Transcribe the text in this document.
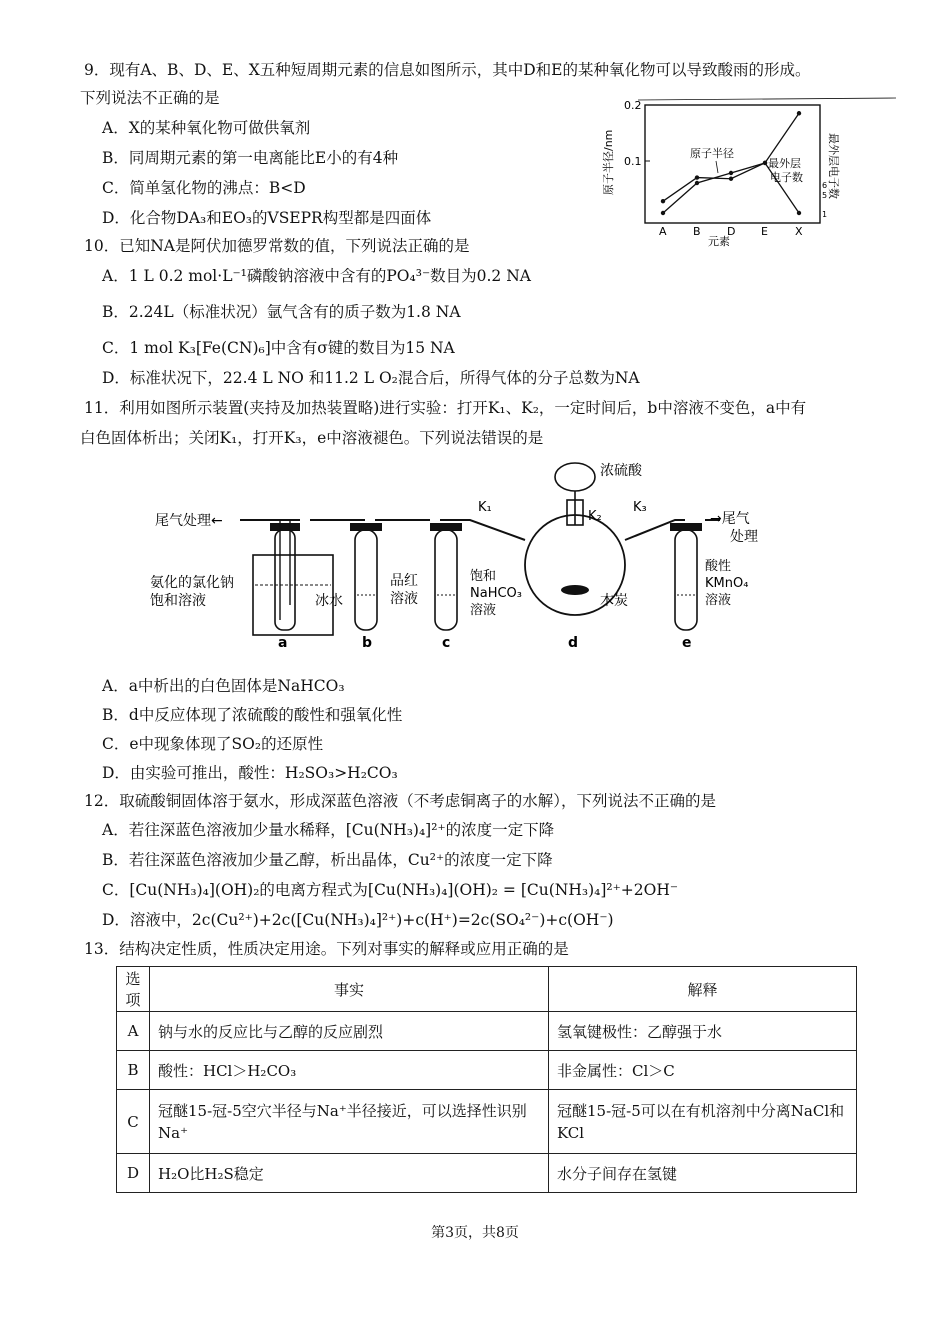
9．现有A、B、D、E、X五种短周期元素的信息如图所示，其中D和E的某种氧化物可以导致酸雨的形成。
下列说法不正确的是
A．X的某种氧化物可做供氧剂
B．同周期元素的第一电离能比E小的有4种
C．简单氢化物的沸点：B<D
D．化合物DA₃和EO₃的VSEPR构型都是四面体
0.2
0.1
原子半径/nm	最外层电子数
6
5
1
A B D E X
原子半径
最外层
电子数
元素
10．已知NA是阿伏加德罗常数的值，下列说法正确的是
A．1 L 0.2 mol·L⁻¹磷酸钠溶液中含有的PO₄³⁻数目为0.2 NA
B．2.24L（标准状况）氩气含有的质子数为1.8 NA
C．1 mol K₃[Fe(CN)₆]中含有σ键的数目为15 NA
D．标准状况下，22.4 L NO 和11.2 L O₂混合后，所得气体的分子总数为NA
11．利用如图所示装置(夹持及加热装置略)进行实验：打开K₁、K₂，一定时间后，b中溶液不变色，a中有
白色固体析出；关闭K₁，打开K₃，e中溶液褪色。下列说法错误的是
尾气处理←	→尾气
处理
浓硫酸
K₁
K₂
K₃
氨化的氯化钠
饱和溶液	冰水
品红
溶液
饱和
NaHCO₃
溶液
木炭
酸性
KMnO₄
溶液
a	b	c	d	e
A．a中析出的白色固体是NaHCO₃
B．d中反应体现了浓硫酸的酸性和强氧化性
C．e中现象体现了SO₂的还原性
D．由实验可推出，酸性：H₂SO₃>H₂CO₃
12．取硫酸铜固体溶于氨水，形成深蓝色溶液（不考虑铜离子的水解），下列说法不正确的是
A．若往深蓝色溶液加少量水稀释，[Cu(NH₃)₄]²⁺的浓度一定下降
B．若往深蓝色溶液加少量乙醇，析出晶体，Cu²⁺的浓度一定下降
C．[Cu(NH₃)₄](OH)₂的电离方程式为[Cu(NH₃)₄](OH)₂ = [Cu(NH₃)₄]²⁺+2OH⁻
D．溶液中，2c(Cu²⁺)+2c([Cu(NH₃)₄]²⁺)+c(H⁺)=2c(SO₄²⁻)+c(OH⁻)
13．结构决定性质，性质决定用途。下列对事实的解释或应用正确的是
选项	事实	解释
A	钠与水的反应比与乙醇的反应剧烈	氢氧键极性：乙醇强于水
B	酸性：HCl＞H₂CO₃	非金属性：Cl＞C
C	冠醚15-冠-5空穴半径与Na⁺半径接近，可以选择性识别Na⁺	冠醚15-冠-5可以在有机溶剂中分离NaCl和KCl
D	H₂O比H₂S稳定	水分子间存在氢键
第3页，共8页
